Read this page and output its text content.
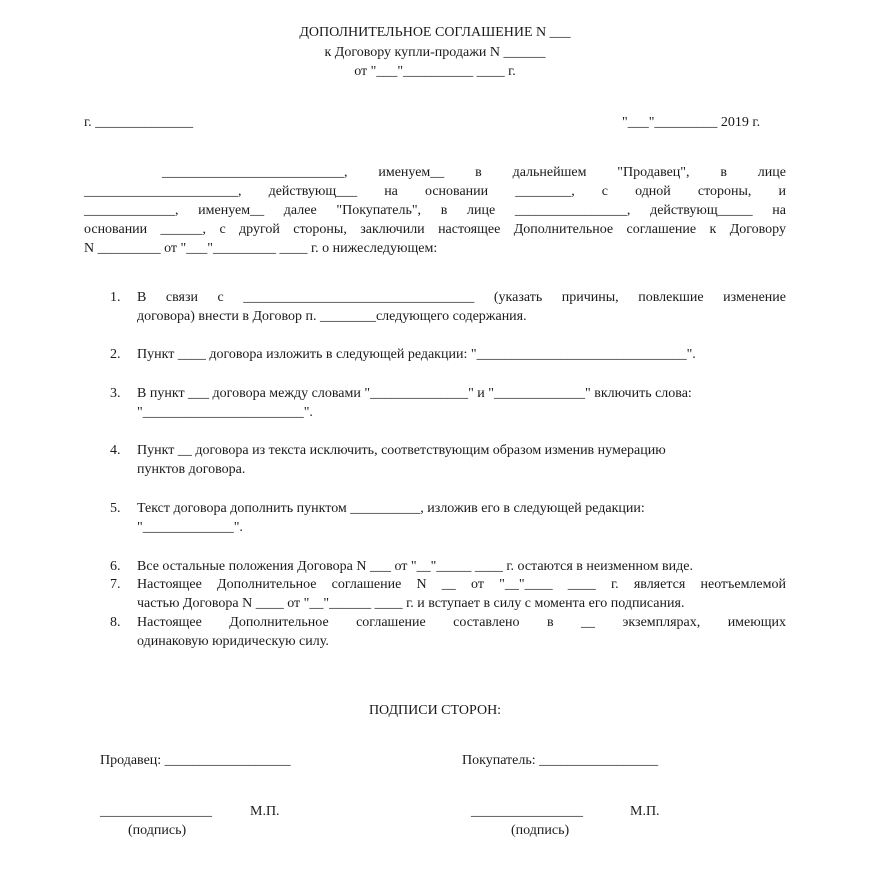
ДОПОЛНИТЕЛЬНОЕ СОГЛАШЕНИЕ N ___
к Договору купли-продажи N ______
от "___"__________ ____ г.
г. ______________	"___"_________ 2019 г.
__________________________, именуем__ в дальнейшем "Продавец", в лице
______________________, действующ___ на основании ________, с одной стороны, и
_____________, именуем__ далее "Покупатель", в лице ________________, действующ_____ на
основании ______, с другой стороны, заключили настоящее Дополнительное соглашение к Договору
N _________ от "___"_________ ____ г. о нижеследующем:
1. В связи с _________________________________ (указать причины, повлекшие изменение
договора) внести в Договор п. ________следующего содержания.
2. Пункт ____ договора изложить в следующей редакции: "______________________________".
3. В пункт ___ договора между словами "______________" и "_____________" включить слова:
"_______________________".
4. Пункт __ договора из текста исключить, соответствующим образом изменив нумерацию
пунктов договора.
5. Текст договора дополнить пунктом __________, изложив его в следующей редакции:
"_____________".
6. Все остальные положения Договора N ___ от "__"_____ ____ г. остаются в неизменном виде.
7. Настоящее Дополнительное соглашение N __ от "__"____ ____ г. является неотъемлемой
частью Договора N ____ от "__"______ ____ г. и вступает в силу с момента его подписания.
8. Настоящее Дополнительное соглашение составлено в __ экземплярах, имеющих
одинаковую юридическую силу.
ПОДПИСИ СТОРОН:
Продавец: __________________	Покупатель: _________________
________________	М.П.	________________	М.П.
(подпись)	(подпись)
